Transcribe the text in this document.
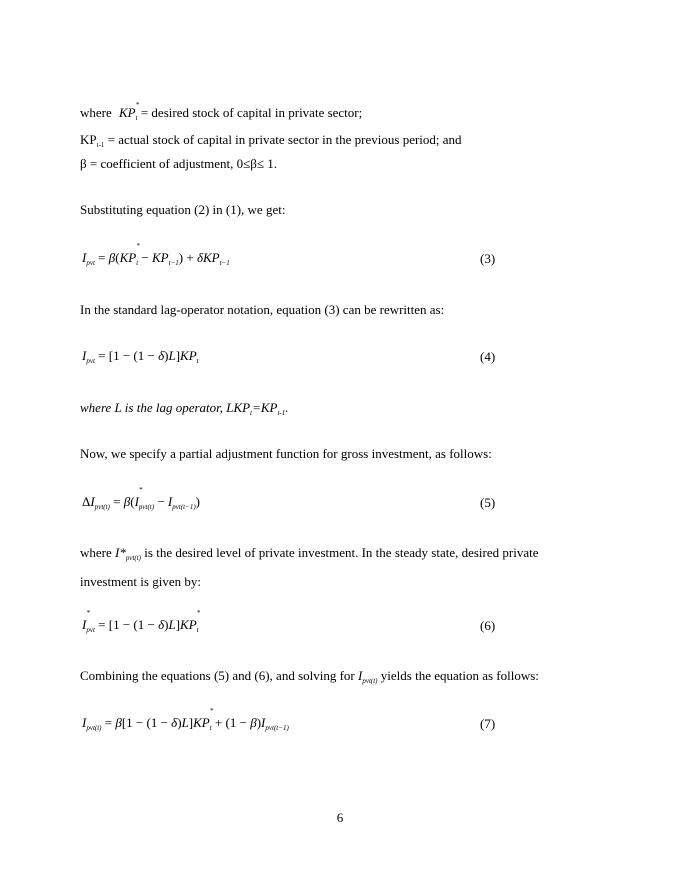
where KP *
$_t$ = desired stock of capital in private sector;
$KP_{t-1}$ = actual stock of capital in private sector in the previous period; and
β = coefficient of adjustment, 0≤β≤ 1.
Substituting equation (2) in (1), we get:
$I_{pvt} = \beta(KP$
*
$_t - KP_{t-1}) + \delta KP_{t-1}$	(3)
In the standard lag-operator notation, equation (3) can be rewritten as:
$I_{pvt} = [1 - (1 - \delta)L]KP_t$	(4)
where L is the lag operator, $LKP_t=KP_{t-1}$.
Now, we specify a partial adjustment function for gross investment, as follows:
$\Delta I_{pvt(t)} = \beta(I$
*
$_{pvt(t)} - I_{pvt(t-1)}$)	(5)
where $I*_{pvt(t)}$ is the desired level of private investment. In the steady state, desired private investment is given by:
I
*
$_{pvt}$ = [1 − (1 − δ)L]KP
*
$_t$	(6)
Combining the equations (5) and (6), and solving for $I_{pvt(t)}$ yields the equation as follows:
$I_{pvt(t)} = \beta[1 - (1 - \delta)L]KP$
*
$_t + (1 - \beta)I_{pvt(t-1)}$	(7)
6
